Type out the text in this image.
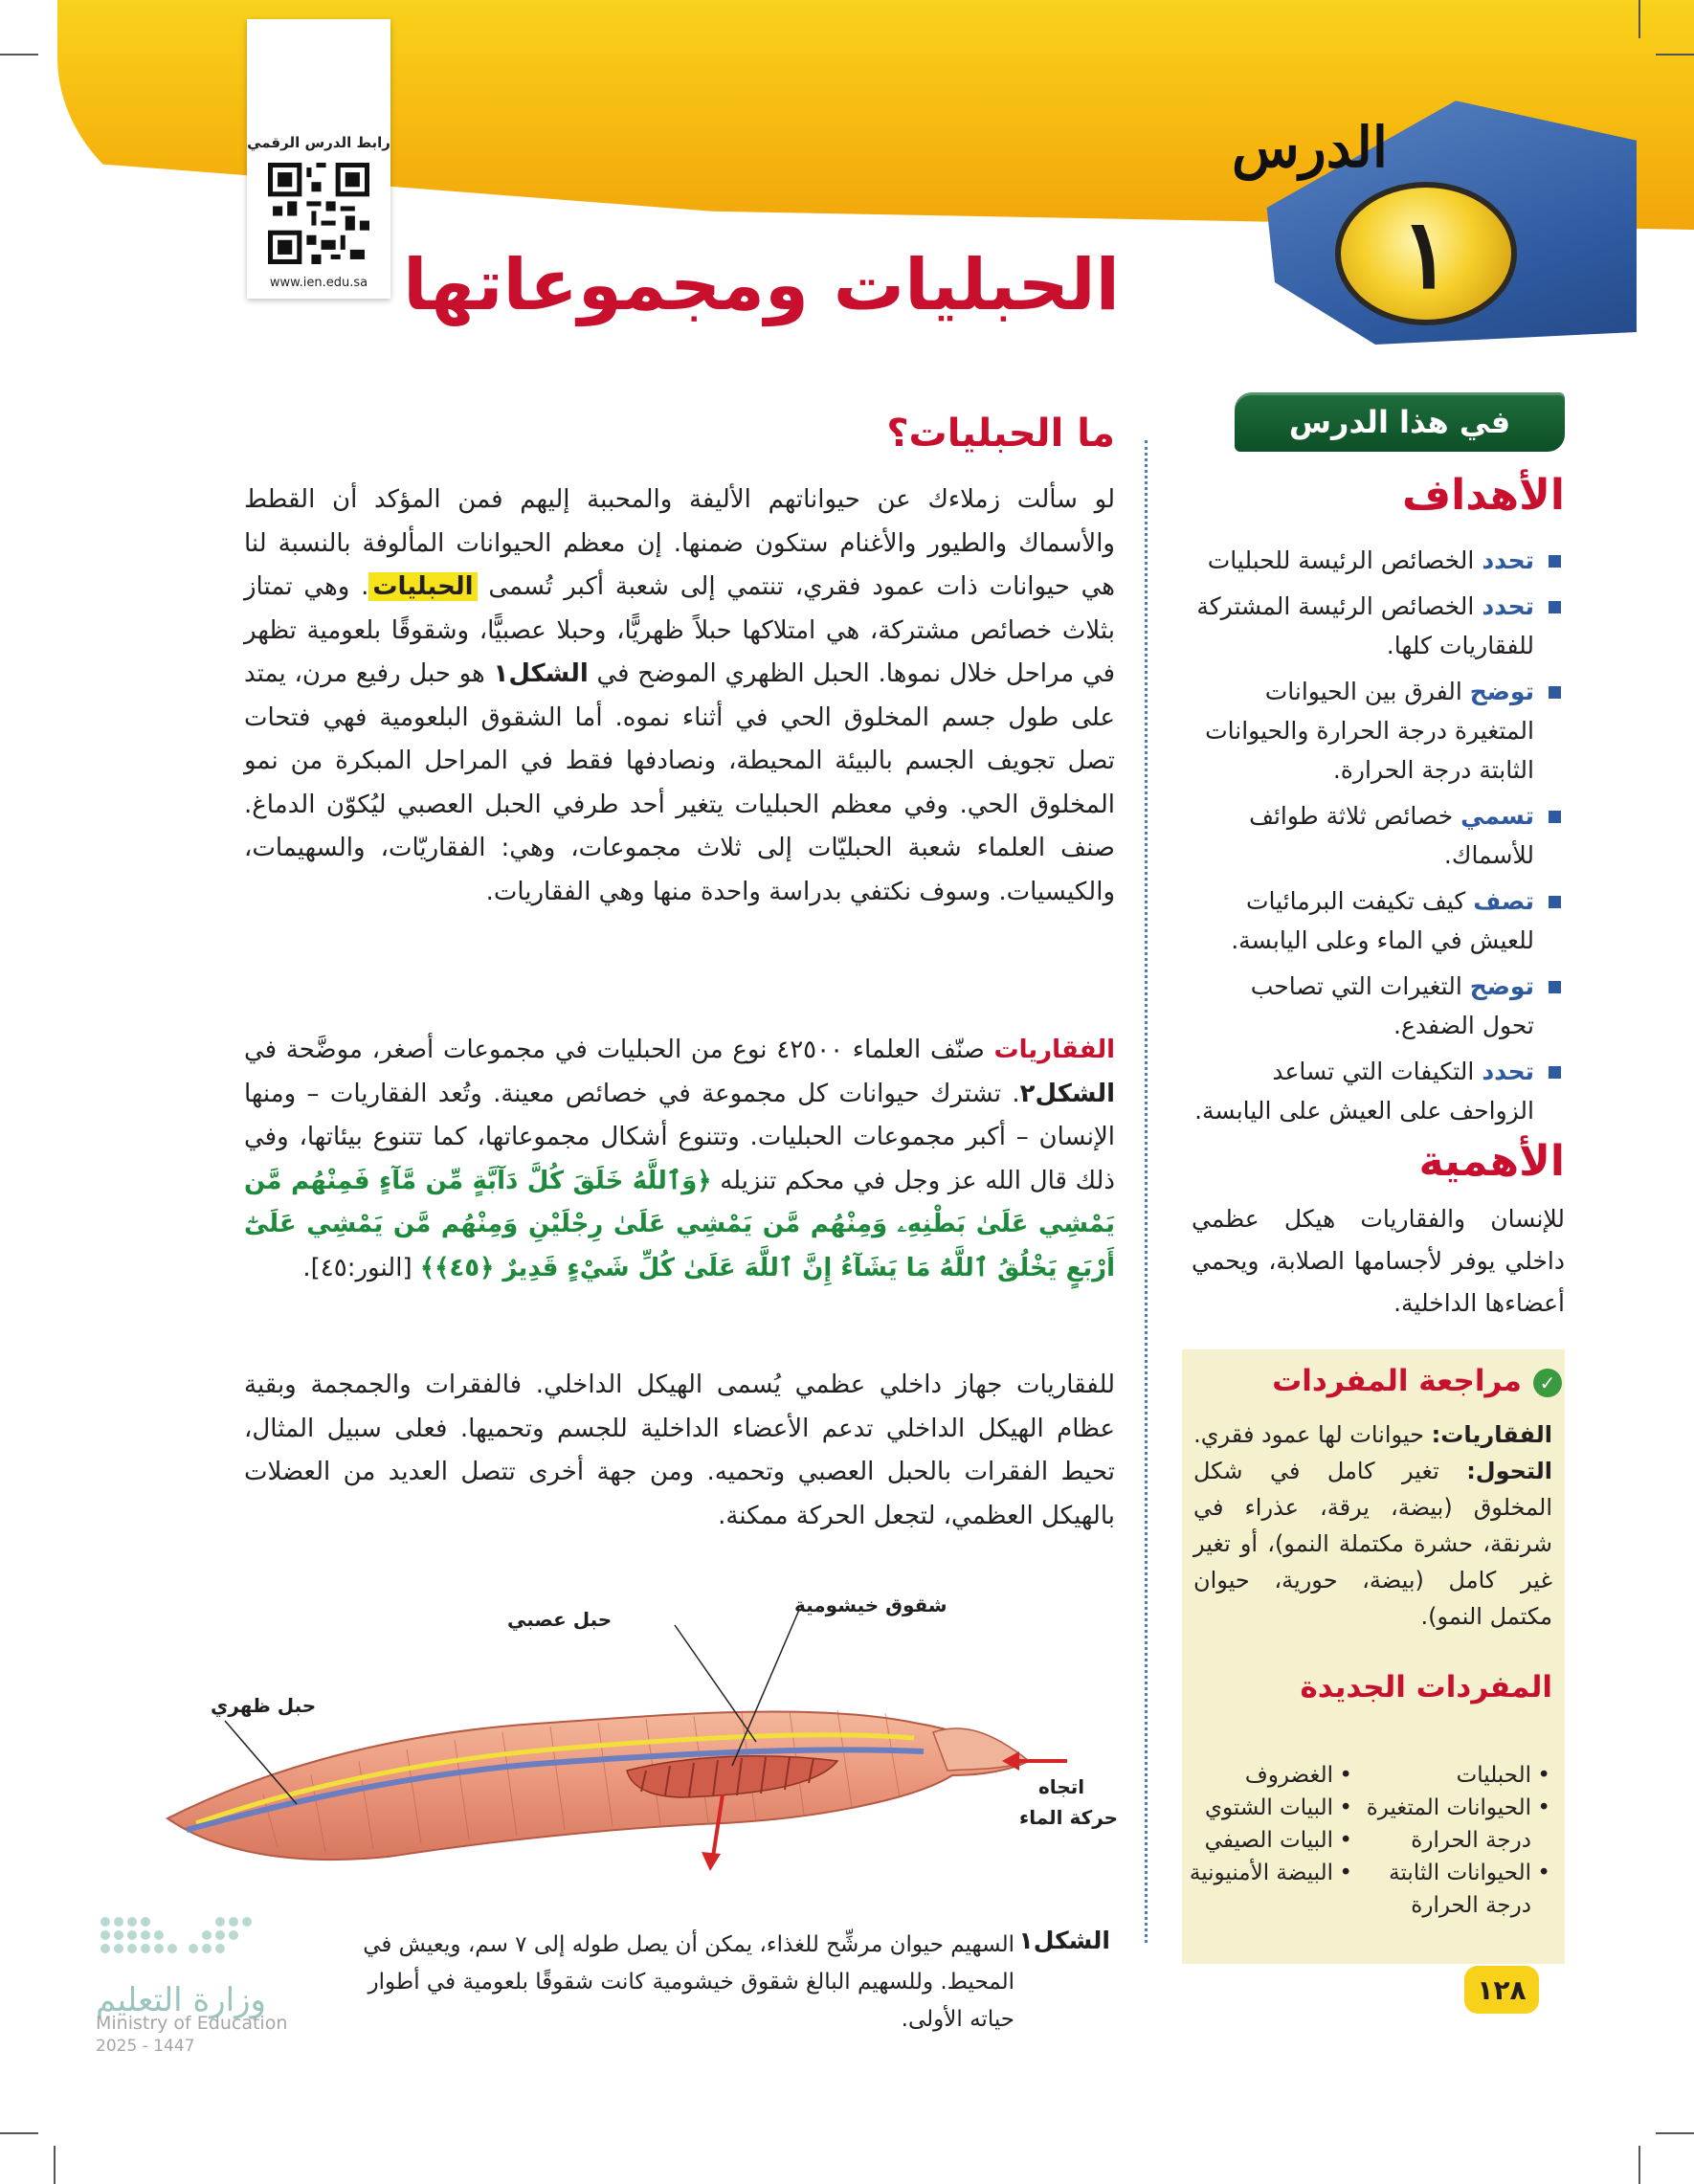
الدرس
١
رابط الدرس الرقمي
www.ien.edu.sa الحبليات ومجموعاتها
في هذا الدرس
الأهداف
تحدد الخصائص الرئيسة للحبليات
تحدد الخصائص الرئيسة المشتركة للفقاريات كلها.
توضح الفرق بين الحيوانات المتغيرة درجة الحرارة والحيوانات الثابتة درجة الحرارة.
تسمي خصائص ثلاثة طوائف للأسماك.
تصف كيف تكيفت البرمائيات للعيش في الماء وعلى اليابسة.
توضح التغيرات التي تصاحب تحول الضفدع.
تحدد التكيفات التي تساعد الزواحف على العيش على اليابسة.
الأهمية
للإنسان والفقاريات هيكل عظمي داخلي يوفر لأجسامها الصلابة، ويحمي أعضاءها الداخلية.
✓
مراجعة المفردات
الفقاريات: حيوانات لها عمود فقري.
التحول: تغير كامل في شكل المخلوق (بيضة، يرقة، عذراء في شرنقة، حشرة مكتملة النمو)، أو تغير غير كامل (بيضة، حورية، حيوان مكتمل النمو).
المفردات الجديدة
• الحبليات
• الحيوانات المتغيرة درجة الحرارة
• الحيوانات الثابتة درجة الحرارة
• الغضروف
• البيات الشتوي
• البيات الصيفي
• البيضة الأمنيونية
ما الحبليات؟
لو سألت زملاءك عن حيواناتهم الأليفة والمحببة إليهم فمن المؤكد أن القطط والأسماك والطيور والأغنام ستكون ضمنها. إن معظم الحيوانات المألوفة بالنسبة لنا هي حيوانات ذات عمود فقري، تنتمي إلى شعبة أكبر تُسمى الحبليات. وهي تمتاز بثلاث خصائص مشتركة، هي امتلاكها حبلاً ظهريًّا، وحبلا عصبيًّا، وشقوقًا بلعومية تظهر في مراحل خلال نموها. الحبل الظهري الموضح في الشكل١ هو حبل رفيع مرن، يمتد على طول جسم المخلوق الحي في أثناء نموه. أما الشقوق البلعومية فهي فتحات تصل تجويف الجسم بالبيئة المحيطة، ونصادفها فقط في المراحل المبكرة من نمو المخلوق الحي. وفي معظم الحبليات يتغير أحد طرفي الحبل العصبي ليُكوّن الدماغ. صنف العلماء شعبة الحبليّات إلى ثلاث مجموعات، وهي: الفقاريّات، والسهيمات، والكيسيات. وسوف نكتفي بدراسة واحدة منها وهي الفقاريات.
الفقاريات صنّف العلماء ٤٢٥٠٠ نوع من الحبليات في مجموعات أصغر، موضَّحة في الشكل٢. تشترك حيوانات كل مجموعة في خصائص معينة. وتُعد الفقاريات – ومنها الإنسان – أكبر مجموعات الحبليات. وتتنوع أشكال مجموعاتها، كما تتنوع بيئاتها، وفي ذلك قال الله عز وجل في محكم تنزيله ﴿وَٱللَّهُ خَلَقَ كُلَّ دَآبَّةٍ مِّن مَّآءٍ فَمِنْهُم مَّن يَمْشِي عَلَىٰ بَطْنِهِۦ وَمِنْهُم مَّن يَمْشِي عَلَىٰ رِجْلَيْنِ وَمِنْهُم مَّن يَمْشِي عَلَىٰٓ أَرْبَعٍ يَخْلُقُ ٱللَّهُ مَا يَشَآءُ إِنَّ ٱللَّهَ عَلَىٰ كُلِّ شَيْءٍ قَدِيرٌ ﴿٤٥﴾﴾ [النور:٤٥].
للفقاريات جهاز داخلي عظمي يُسمى الهيكل الداخلي. فالفقرات والجمجمة وبقية عظام الهيكل الداخلي تدعم الأعضاء الداخلية للجسم وتحميها. فعلى سبيل المثال، تحيط الفقرات بالحبل العصبي وتحميه. ومن جهة أخرى تتصل العديد من العضلات بالهيكل العظمي، لتجعل الحركة ممكنة.
حبل عصبي
شقوق خيشومية
حبل ظهري
اتجاه
حركة الماء
الشكل١
السهيم حيوان مرشِّح للغذاء، يمكن أن يصل طوله إلى ٧ سم، ويعيش في المحيط. وللسهيم البالغ شقوق خيشومية كانت شقوقًا بلعومية في أطوار حياته الأولى.
١٢٨
وزارة التعليم
Ministry of Education
2025 - 1447
